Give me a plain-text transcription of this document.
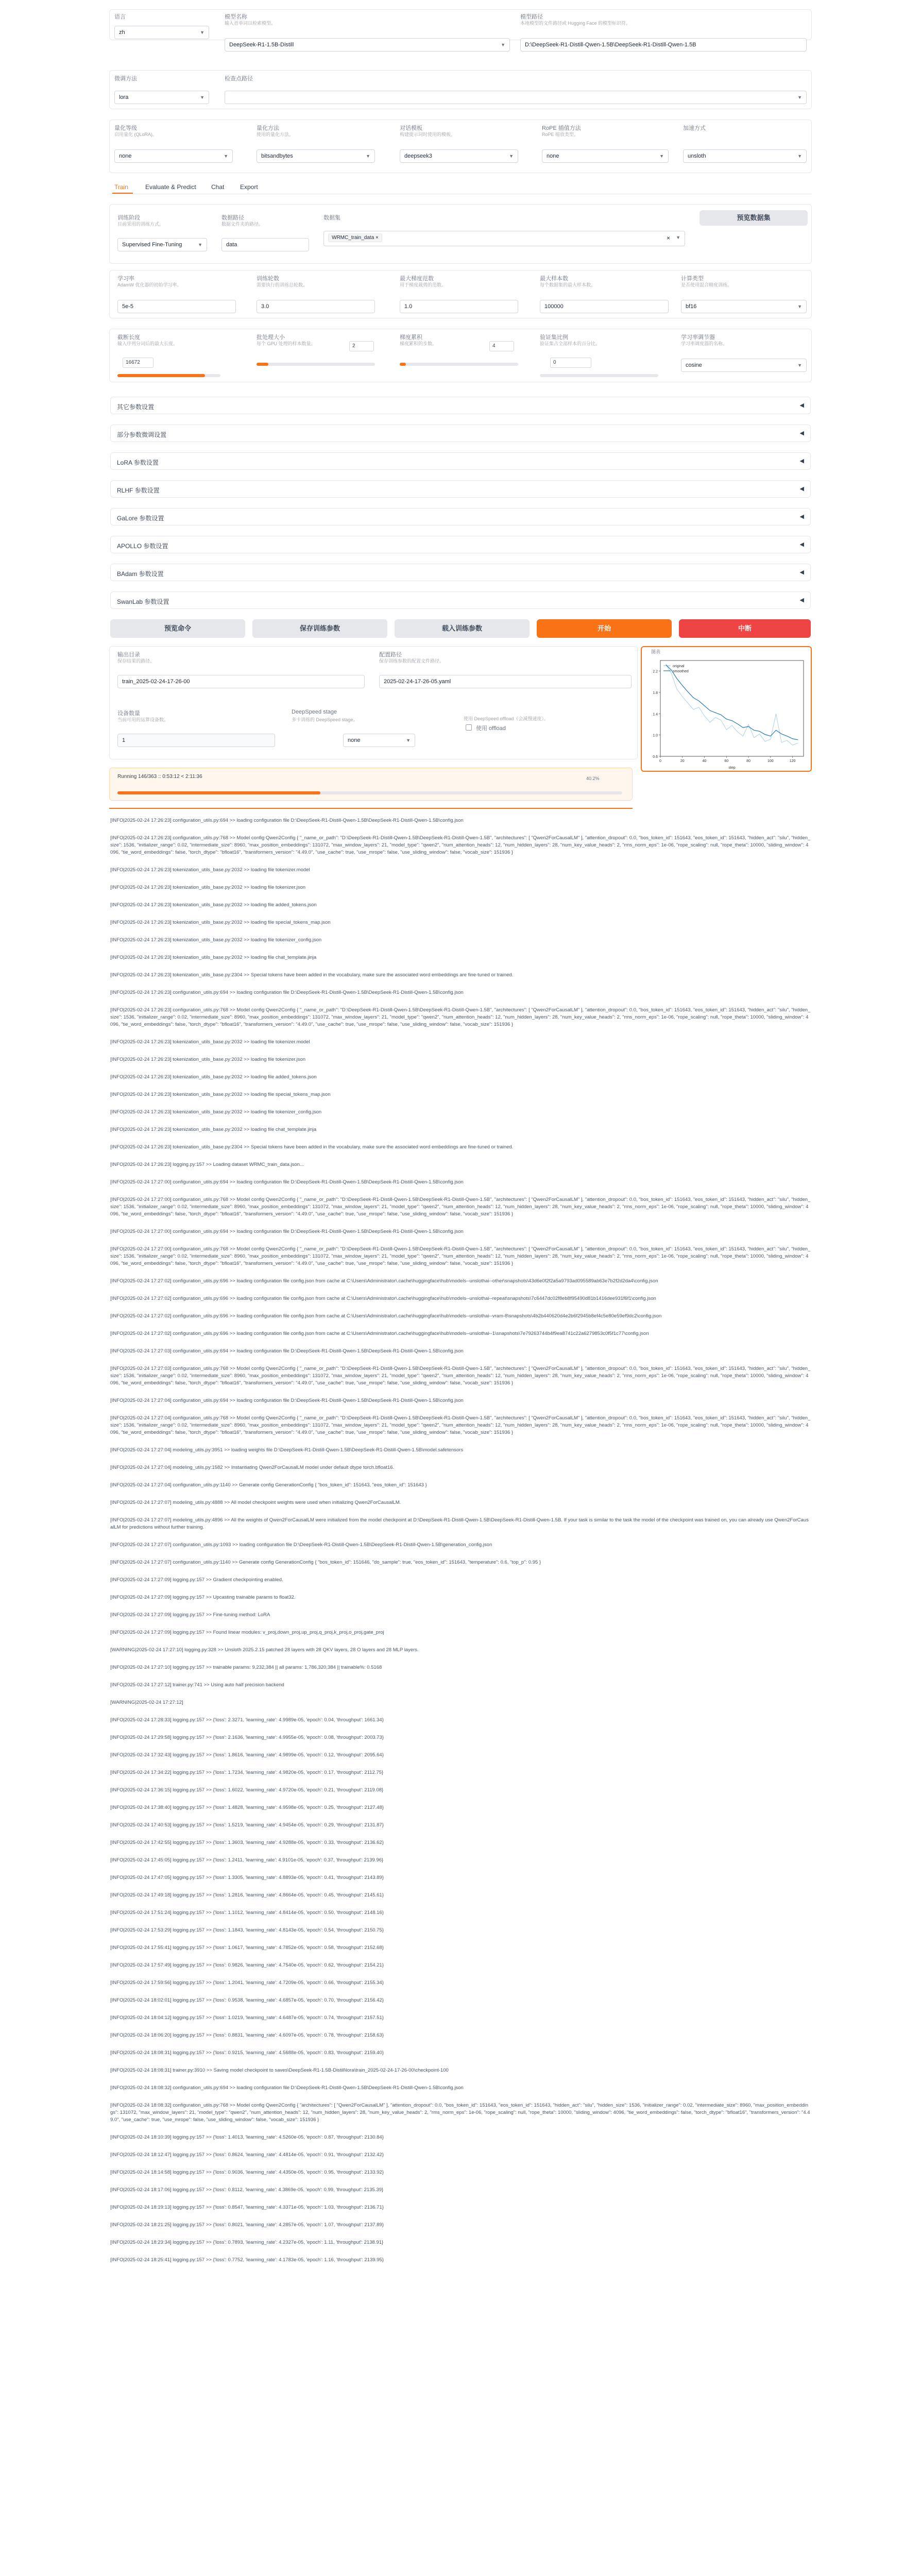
语言
zh	▼
模型名称
输入首单词以检索模型。
DeepSeek-R1-1.5B-Distill	▼
模型路径
本地模型的文件路径或 Hugging Face 的模型标识符。
D:\DeepSeek-R1-Distill-Qwen-1.5B\DeepSeek-R1-Distill-Qwen-1.5B
微调方法
lora	▼
检查点路径
▼
量化等级
启用量化 (QLoRA)。
none	▼
量化方法
使用的量化方法。
bitsandbytes	▼
对话模板
构建提示词时使用的模板。
deepseek3	▼
RoPE 插值方法
RoPE 缩放类型。
none	▼
加速方式
unsloth	▼
Train	Evaluate & Predict Chat	Export
训练阶段
目前采用的训练方式。
Supervised Fine-Tuning	▼
数据路径
数据文件夹的路径。
data
数据集
WRMC_train_data ×	× ▼
预览数据集
学习率
AdamW 优化器的初始学习率。
5e-5
训练轮数
需要执行的训练总轮数。
3.0
最大梯度范数
用于梯度裁剪的范数。
1.0
最大样本数
每个数据集的最大样本数。
100000
计算类型
是否使用混合精度训练。
bf16	▼
截断长度
输入序列分词后的最大长度。
16672
批处理大小
每个 GPU 处理的样本数量。	2
梯度累积
梯度累积的步数。	4
验证集比例
验证集占全部样本的百分比。
0
学习率调节器
学习率调度器的名称。
cosine	▼
其它参数设置	◀
部分参数微调设置	◀
LoRA 参数设置	◀
RLHF 参数设置	◀
GaLore 参数设置	◀
APOLLO 参数设置	◀
BAdam 参数设置	◀
SwanLab 参数设置	◀
预览命令	保存训练参数	载入训练参数	开始	中断
输出目录
保存结果的路径。
train_2025-02-24-17-26-00
配置路径
保存训练参数的配置文件路径。
2025-02-24-17-26-05.yaml
设备数量
当前可用的运算设备数。
1
DeepSpeed stage
多卡训练的 DeepSpeed stage。
none	▼
使用 DeepSpeed offload（会减慢速度）。
使用 offload
Running 146/363 :: 0:53:12 < 2:11:36	40.2%
图表
0.6
1.0
1.4
1.8
2.2
0	20	40	60	80	100	120
step
original
smoothed
[INFO|2025-02-24 17:26:23] configuration_utils.py:694 >> loading configuration file D:\DeepSeek-R1-Distill-Qwen-1.5B\DeepSeek-R1-Distill-Qwen-1.5B\config.json
[INFO|2025-02-24 17:26:23] configuration_utils.py:768 >> Model config Qwen2Config { "_name_or_path": "D:\DeepSeek-R1-Distill-Qwen-1.5B\DeepSeek-R1-Distill-Qwen-1.5B", "architectures": [ "Qwen2ForCausalLM" ], "attention_dropout": 0.0, "bos_token_id": 151643, "eos_token_id": 151643, "hidden_act": "silu", "hidden_size": 1536, "initializer_range": 0.02, "intermediate_size": 8960, "max_position_embeddings": 131072, "max_window_layers": 21, "model_type": "qwen2", "num_attention_heads": 12, "num_hidden_layers": 28, "num_key_value_heads": 2, "rms_norm_eps": 1e-06, "rope_scaling": null, "rope_theta": 10000, "sliding_window": 4096, "tie_word_embeddings": false, "torch_dtype": "bfloat16", "transformers_version": "4.49.0", "use_cache": true, "use_mrope": false, "use_sliding_window": false, "vocab_size": 151936 }
[INFO|2025-02-24 17:26:23] tokenization_utils_base.py:2032 >> loading file tokenizer.model
[INFO|2025-02-24 17:26:23] tokenization_utils_base.py:2032 >> loading file tokenizer.json
[INFO|2025-02-24 17:26:23] tokenization_utils_base.py:2032 >> loading file added_tokens.json
[INFO|2025-02-24 17:26:23] tokenization_utils_base.py:2032 >> loading file special_tokens_map.json
[INFO|2025-02-24 17:26:23] tokenization_utils_base.py:2032 >> loading file tokenizer_config.json
[INFO|2025-02-24 17:26:23] tokenization_utils_base.py:2032 >> loading file chat_template.jinja
[INFO|2025-02-24 17:26:23] tokenization_utils_base.py:2304 >> Special tokens have been added in the vocabulary, make sure the associated word embeddings are fine-tuned or trained.
[INFO|2025-02-24 17:26:23] configuration_utils.py:694 >> loading configuration file D:\DeepSeek-R1-Distill-Qwen-1.5B\DeepSeek-R1-Distill-Qwen-1.5B\config.json
[INFO|2025-02-24 17:26:23] configuration_utils.py:768 >> Model config Qwen2Config { "_name_or_path": "D:\DeepSeek-R1-Distill-Qwen-1.5B\DeepSeek-R1-Distill-Qwen-1.5B", "architectures": [ "Qwen2ForCausalLM" ], "attention_dropout": 0.0, "bos_token_id": 151643, "eos_token_id": 151643, "hidden_act": "silu", "hidden_size": 1536, "initializer_range": 0.02, "intermediate_size": 8960, "max_position_embeddings": 131072, "max_window_layers": 21, "model_type": "qwen2", "num_attention_heads": 12, "num_hidden_layers": 28, "num_key_value_heads": 2, "rms_norm_eps": 1e-06, "rope_scaling": null, "rope_theta": 10000, "sliding_window": 4096, "tie_word_embeddings": false, "torch_dtype": "bfloat16", "transformers_version": "4.49.0", "use_cache": true, "use_mrope": false, "use_sliding_window": false, "vocab_size": 151936 }
[INFO|2025-02-24 17:26:23] tokenization_utils_base.py:2032 >> loading file tokenizer.model
[INFO|2025-02-24 17:26:23] tokenization_utils_base.py:2032 >> loading file tokenizer.json
[INFO|2025-02-24 17:26:23] tokenization_utils_base.py:2032 >> loading file added_tokens.json
[INFO|2025-02-24 17:26:23] tokenization_utils_base.py:2032 >> loading file special_tokens_map.json
[INFO|2025-02-24 17:26:23] tokenization_utils_base.py:2032 >> loading file tokenizer_config.json
[INFO|2025-02-24 17:26:23] tokenization_utils_base.py:2032 >> loading file chat_template.jinja
[INFO|2025-02-24 17:26:23] tokenization_utils_base.py:2304 >> Special tokens have been added in the vocabulary, make sure the associated word embeddings are fine-tuned or trained.
[INFO|2025-02-24 17:26:23] logging.py:157 >> Loading dataset WRMC_train_data.json...
[INFO|2025-02-24 17:27:00] configuration_utils.py:694 >> loading configuration file D:\DeepSeek-R1-Distill-Qwen-1.5B\DeepSeek-R1-Distill-Qwen-1.5B\config.json
[INFO|2025-02-24 17:27:00] configuration_utils.py:768 >> Model config Qwen2Config { "_name_or_path": "D:\DeepSeek-R1-Distill-Qwen-1.5B\DeepSeek-R1-Distill-Qwen-1.5B", "architectures": [ "Qwen2ForCausalLM" ], "attention_dropout": 0.0, "bos_token_id": 151643, "eos_token_id": 151643, "hidden_act": "silu", "hidden_size": 1536, "initializer_range": 0.02, "intermediate_size": 8960, "max_position_embeddings": 131072, "max_window_layers": 21, "model_type": "qwen2", "num_attention_heads": 12, "num_hidden_layers": 28, "num_key_value_heads": 2, "rms_norm_eps": 1e-06, "rope_scaling": null, "rope_theta": 10000, "sliding_window": 4096, "tie_word_embeddings": false, "torch_dtype": "bfloat16", "transformers_version": "4.49.0", "use_cache": true, "use_mrope": false, "use_sliding_window": false, "vocab_size": 151936 }
[INFO|2025-02-24 17:27:00] configuration_utils.py:694 >> loading configuration file D:\DeepSeek-R1-Distill-Qwen-1.5B\DeepSeek-R1-Distill-Qwen-1.5B\config.json
[INFO|2025-02-24 17:27:00] configuration_utils.py:768 >> Model config Qwen2Config { "_name_or_path": "D:\DeepSeek-R1-Distill-Qwen-1.5B\DeepSeek-R1-Distill-Qwen-1.5B", "architectures": [ "Qwen2ForCausalLM" ], "attention_dropout": 0.0, "bos_token_id": 151643, "eos_token_id": 151643, "hidden_act": "silu", "hidden_size": 1536, "initializer_range": 0.02, "intermediate_size": 8960, "max_position_embeddings": 131072, "max_window_layers": 21, "model_type": "qwen2", "num_attention_heads": 12, "num_hidden_layers": 28, "num_key_value_heads": 2, "rms_norm_eps": 1e-06, "rope_scaling": null, "rope_theta": 10000, "sliding_window": 4096, "tie_word_embeddings": false, "torch_dtype": "bfloat16", "transformers_version": "4.49.0", "use_cache": true, "use_mrope": false, "use_sliding_window": false, "vocab_size": 151936 }
[INFO|2025-02-24 17:27:02] configuration_utils.py:696 >> loading configuration file config.json from cache at C:\Users\Administrator\.cache\huggingface\hub\models--unslothai--other\snapshots\43d6e0f2f2a5a9793ad095589ab63e7b2f2d2da4\config.json
[INFO|2025-02-24 17:27:02] configuration_utils.py:696 >> loading configuration file config.json from cache at C:\Users\Administrator\.cache\huggingface\hub\models--unslothai--repeat\snapshots\7c6447dc02f8eb8f95490d81b1416dee931f6f1\config.json
[INFO|2025-02-24 17:27:02] configuration_utils.py:696 >> loading configuration file config.json from cache at C:\Users\Administrator\.cache\huggingface\hub\models--unslothai--vram-8\snapshots\4b2b440620d4e2b6f2945b8ef4c5e80e59ef9dc2\config.json
[INFO|2025-02-24 17:27:02] configuration_utils.py:696 >> loading configuration file config.json from cache at C:\Users\Administrator\.cache\huggingface\hub\models--unslothai--1\snapshots\7e79263744b4f9ea8741c22a6279853c0f5f1c77\config.json
[INFO|2025-02-24 17:27:03] configuration_utils.py:694 >> loading configuration file D:\DeepSeek-R1-Distill-Qwen-1.5B\DeepSeek-R1-Distill-Qwen-1.5B\config.json
[INFO|2025-02-24 17:27:03] configuration_utils.py:768 >> Model config Qwen2Config { "_name_or_path": "D:\DeepSeek-R1-Distill-Qwen-1.5B\DeepSeek-R1-Distill-Qwen-1.5B", "architectures": [ "Qwen2ForCausalLM" ], "attention_dropout": 0.0, "bos_token_id": 151643, "eos_token_id": 151643, "hidden_act": "silu", "hidden_size": 1536, "initializer_range": 0.02, "intermediate_size": 8960, "max_position_embeddings": 131072, "max_window_layers": 21, "model_type": "qwen2", "num_attention_heads": 12, "num_hidden_layers": 28, "num_key_value_heads": 2, "rms_norm_eps": 1e-06, "rope_scaling": null, "rope_theta": 10000, "sliding_window": 4096, "tie_word_embeddings": false, "torch_dtype": "bfloat16", "transformers_version": "4.49.0", "use_cache": true, "use_mrope": false, "use_sliding_window": false, "vocab_size": 151936 }
[INFO|2025-02-24 17:27:04] configuration_utils.py:694 >> loading configuration file D:\DeepSeek-R1-Distill-Qwen-1.5B\DeepSeek-R1-Distill-Qwen-1.5B\config.json
[INFO|2025-02-24 17:27:04] configuration_utils.py:768 >> Model config Qwen2Config { "_name_or_path": "D:\DeepSeek-R1-Distill-Qwen-1.5B\DeepSeek-R1-Distill-Qwen-1.5B", "architectures": [ "Qwen2ForCausalLM" ], "attention_dropout": 0.0, "bos_token_id": 151643, "eos_token_id": 151643, "hidden_act": "silu", "hidden_size": 1536, "initializer_range": 0.02, "intermediate_size": 8960, "max_position_embeddings": 131072, "max_window_layers": 21, "model_type": "qwen2", "num_attention_heads": 12, "num_hidden_layers": 28, "num_key_value_heads": 2, "rms_norm_eps": 1e-06, "rope_scaling": null, "rope_theta": 10000, "sliding_window": 4096, "tie_word_embeddings": false, "torch_dtype": "bfloat16", "transformers_version": "4.49.0", "use_cache": true, "use_mrope": false, "use_sliding_window": false, "vocab_size": 151936 }
[INFO|2025-02-24 17:27:04] modeling_utils.py:3951 >> loading weights file D:\DeepSeek-R1-Distill-Qwen-1.5B\DeepSeek-R1-Distill-Qwen-1.5B\model.safetensors
[INFO|2025-02-24 17:27:04] modeling_utils.py:1582 >> Instantiating Qwen2ForCausalLM model under default dtype torch.bfloat16.
[INFO|2025-02-24 17:27:04] configuration_utils.py:1140 >> Generate config GenerationConfig { "bos_token_id": 151643, "eos_token_id": 151643 }
[INFO|2025-02-24 17:27:07] modeling_utils.py:4888 >> All model checkpoint weights were used when initializing Qwen2ForCausalLM.
[INFO|2025-02-24 17:27:07] modeling_utils.py:4896 >> All the weights of Qwen2ForCausalLM were initialized from the model checkpoint at D:\DeepSeek-R1-Distill-Qwen-1.5B\DeepSeek-R1-Distill-Qwen-1.5B. If your task is similar to the task the model of the checkpoint was trained on, you can already use Qwen2ForCausalLM for predictions without further training.
[INFO|2025-02-24 17:27:07] configuration_utils.py:1093 >> loading configuration file D:\DeepSeek-R1-Distill-Qwen-1.5B\DeepSeek-R1-Distill-Qwen-1.5B\generation_config.json
[INFO|2025-02-24 17:27:07] configuration_utils.py:1140 >> Generate config GenerationConfig { "bos_token_id": 151646, "do_sample": true, "eos_token_id": 151643, "temperature": 0.6, "top_p": 0.95 }
[INFO|2025-02-24 17:27:09] logging.py:157 >> Gradient checkpointing enabled.
[INFO|2025-02-24 17:27:09] logging.py:157 >> Upcasting trainable params to float32.
[INFO|2025-02-24 17:27:09] logging.py:157 >> Fine-tuning method: LoRA
[INFO|2025-02-24 17:27:09] logging.py:157 >> Found linear modules: v_proj,down_proj,up_proj,q_proj,k_proj,o_proj,gate_proj
[WARNING|2025-02-24 17:27:10] logging.py:328 >> Unsloth 2025.2.15 patched 28 layers with 28 QKV layers, 28 O layers and 28 MLP layers.
[INFO|2025-02-24 17:27:10] logging.py:157 >> trainable params: 9,232,384 || all params: 1,786,320,384 || trainable%: 0.5168
[INFO|2025-02-24 17:27:12] trainer.py:741 >> Using auto half precision backend
[WARNING|2025-02-24 17:27:12]
[INFO|2025-02-24 17:28:33] logging.py:157 >> {'loss': 2.3271, 'learning_rate': 4.9989e-05, 'epoch': 0.04, 'throughput': 1661.34}
[INFO|2025-02-24 17:29:58] logging.py:157 >> {'loss': 2.1636, 'learning_rate': 4.9955e-05, 'epoch': 0.08, 'throughput': 2003.73}
[INFO|2025-02-24 17:32:43] logging.py:157 >> {'loss': 1.8616, 'learning_rate': 4.9899e-05, 'epoch': 0.12, 'throughput': 2095.64}
[INFO|2025-02-24 17:34:22] logging.py:157 >> {'loss': 1.7234, 'learning_rate': 4.9820e-05, 'epoch': 0.17, 'throughput': 2112.75}
[INFO|2025-02-24 17:36:15] logging.py:157 >> {'loss': 1.6022, 'learning_rate': 4.9720e-05, 'epoch': 0.21, 'throughput': 2119.08}
[INFO|2025-02-24 17:38:40] logging.py:157 >> {'loss': 1.4828, 'learning_rate': 4.9598e-05, 'epoch': 0.25, 'throughput': 2127.48}
[INFO|2025-02-24 17:40:53] logging.py:157 >> {'loss': 1.5219, 'learning_rate': 4.9454e-05, 'epoch': 0.29, 'throughput': 2131.87}
[INFO|2025-02-24 17:42:55] logging.py:157 >> {'loss': 1.3603, 'learning_rate': 4.9288e-05, 'epoch': 0.33, 'throughput': 2136.62}
[INFO|2025-02-24 17:45:05] logging.py:157 >> {'loss': 1.2411, 'learning_rate': 4.9101e-05, 'epoch': 0.37, 'throughput': 2139.96}
[INFO|2025-02-24 17:47:05] logging.py:157 >> {'loss': 1.3305, 'learning_rate': 4.8893e-05, 'epoch': 0.41, 'throughput': 2143.89}
[INFO|2025-02-24 17:49:18] logging.py:157 >> {'loss': 1.2816, 'learning_rate': 4.8664e-05, 'epoch': 0.45, 'throughput': 2145.61}
[INFO|2025-02-24 17:51:24] logging.py:157 >> {'loss': 1.1012, 'learning_rate': 4.8414e-05, 'epoch': 0.50, 'throughput': 2148.16}
[INFO|2025-02-24 17:53:29] logging.py:157 >> {'loss': 1.1843, 'learning_rate': 4.8143e-05, 'epoch': 0.54, 'throughput': 2150.75}
[INFO|2025-02-24 17:55:41] logging.py:157 >> {'loss': 1.0617, 'learning_rate': 4.7852e-05, 'epoch': 0.58, 'throughput': 2152.68}
[INFO|2025-02-24 17:57:49] logging.py:157 >> {'loss': 0.9826, 'learning_rate': 4.7540e-05, 'epoch': 0.62, 'throughput': 2154.21}
[INFO|2025-02-24 17:59:56] logging.py:157 >> {'loss': 1.2041, 'learning_rate': 4.7209e-05, 'epoch': 0.66, 'throughput': 2155.34}
[INFO|2025-02-24 18:02:01] logging.py:157 >> {'loss': 0.9538, 'learning_rate': 4.6857e-05, 'epoch': 0.70, 'throughput': 2156.42}
[INFO|2025-02-24 18:04:12] logging.py:157 >> {'loss': 1.0219, 'learning_rate': 4.6487e-05, 'epoch': 0.74, 'throughput': 2157.51}
[INFO|2025-02-24 18:06:20] logging.py:157 >> {'loss': 0.8831, 'learning_rate': 4.6097e-05, 'epoch': 0.78, 'throughput': 2158.63}
[INFO|2025-02-24 18:08:31] logging.py:157 >> {'loss': 0.9215, 'learning_rate': 4.5688e-05, 'epoch': 0.83, 'throughput': 2159.40}
[INFO|2025-02-24 18:08:31] trainer.py:3910 >> Saving model checkpoint to saves\DeepSeek-R1-1.5B-Distill\lora\train_2025-02-24-17-26-00\checkpoint-100
[INFO|2025-02-24 18:08:32] configuration_utils.py:694 >> loading configuration file D:\DeepSeek-R1-Distill-Qwen-1.5B\DeepSeek-R1-Distill-Qwen-1.5B\config.json
[INFO|2025-02-24 18:08:32] configuration_utils.py:768 >> Model config Qwen2Config { "architectures": [ "Qwen2ForCausalLM" ], "attention_dropout": 0.0, "bos_token_id": 151643, "eos_token_id": 151643, "hidden_act": "silu", "hidden_size": 1536, "initializer_range": 0.02, "intermediate_size": 8960, "max_position_embeddings": 131072, "max_window_layers": 21, "model_type": "qwen2", "num_attention_heads": 12, "num_hidden_layers": 28, "num_key_value_heads": 2, "rms_norm_eps": 1e-06, "rope_scaling": null, "rope_theta": 10000, "sliding_window": 4096, "tie_word_embeddings": false, "torch_dtype": "bfloat16", "transformers_version": "4.49.0", "use_cache": true, "use_mrope": false, "use_sliding_window": false, "vocab_size": 151936 }
[INFO|2025-02-24 18:10:39] logging.py:157 >> {'loss': 1.4013, 'learning_rate': 4.5260e-05, 'epoch': 0.87, 'throughput': 2130.84}
[INFO|2025-02-24 18:12:47] logging.py:157 >> {'loss': 0.8624, 'learning_rate': 4.4814e-05, 'epoch': 0.91, 'throughput': 2132.42}
[INFO|2025-02-24 18:14:58] logging.py:157 >> {'loss': 0.9036, 'learning_rate': 4.4350e-05, 'epoch': 0.95, 'throughput': 2133.92}
[INFO|2025-02-24 18:17:06] logging.py:157 >> {'loss': 0.8112, 'learning_rate': 4.3869e-05, 'epoch': 0.99, 'throughput': 2135.39}
[INFO|2025-02-24 18:19:13] logging.py:157 >> {'loss': 0.8547, 'learning_rate': 4.3371e-05, 'epoch': 1.03, 'throughput': 2136.71}
[INFO|2025-02-24 18:21:25] logging.py:157 >> {'loss': 0.8021, 'learning_rate': 4.2857e-05, 'epoch': 1.07, 'throughput': 2137.89}
[INFO|2025-02-24 18:23:34] logging.py:157 >> {'loss': 0.7893, 'learning_rate': 4.2327e-05, 'epoch': 1.11, 'throughput': 2138.91}
[INFO|2025-02-24 18:25:41] logging.py:157 >> {'loss': 0.7752, 'learning_rate': 4.1783e-05, 'epoch': 1.16, 'throughput': 2139.95}
